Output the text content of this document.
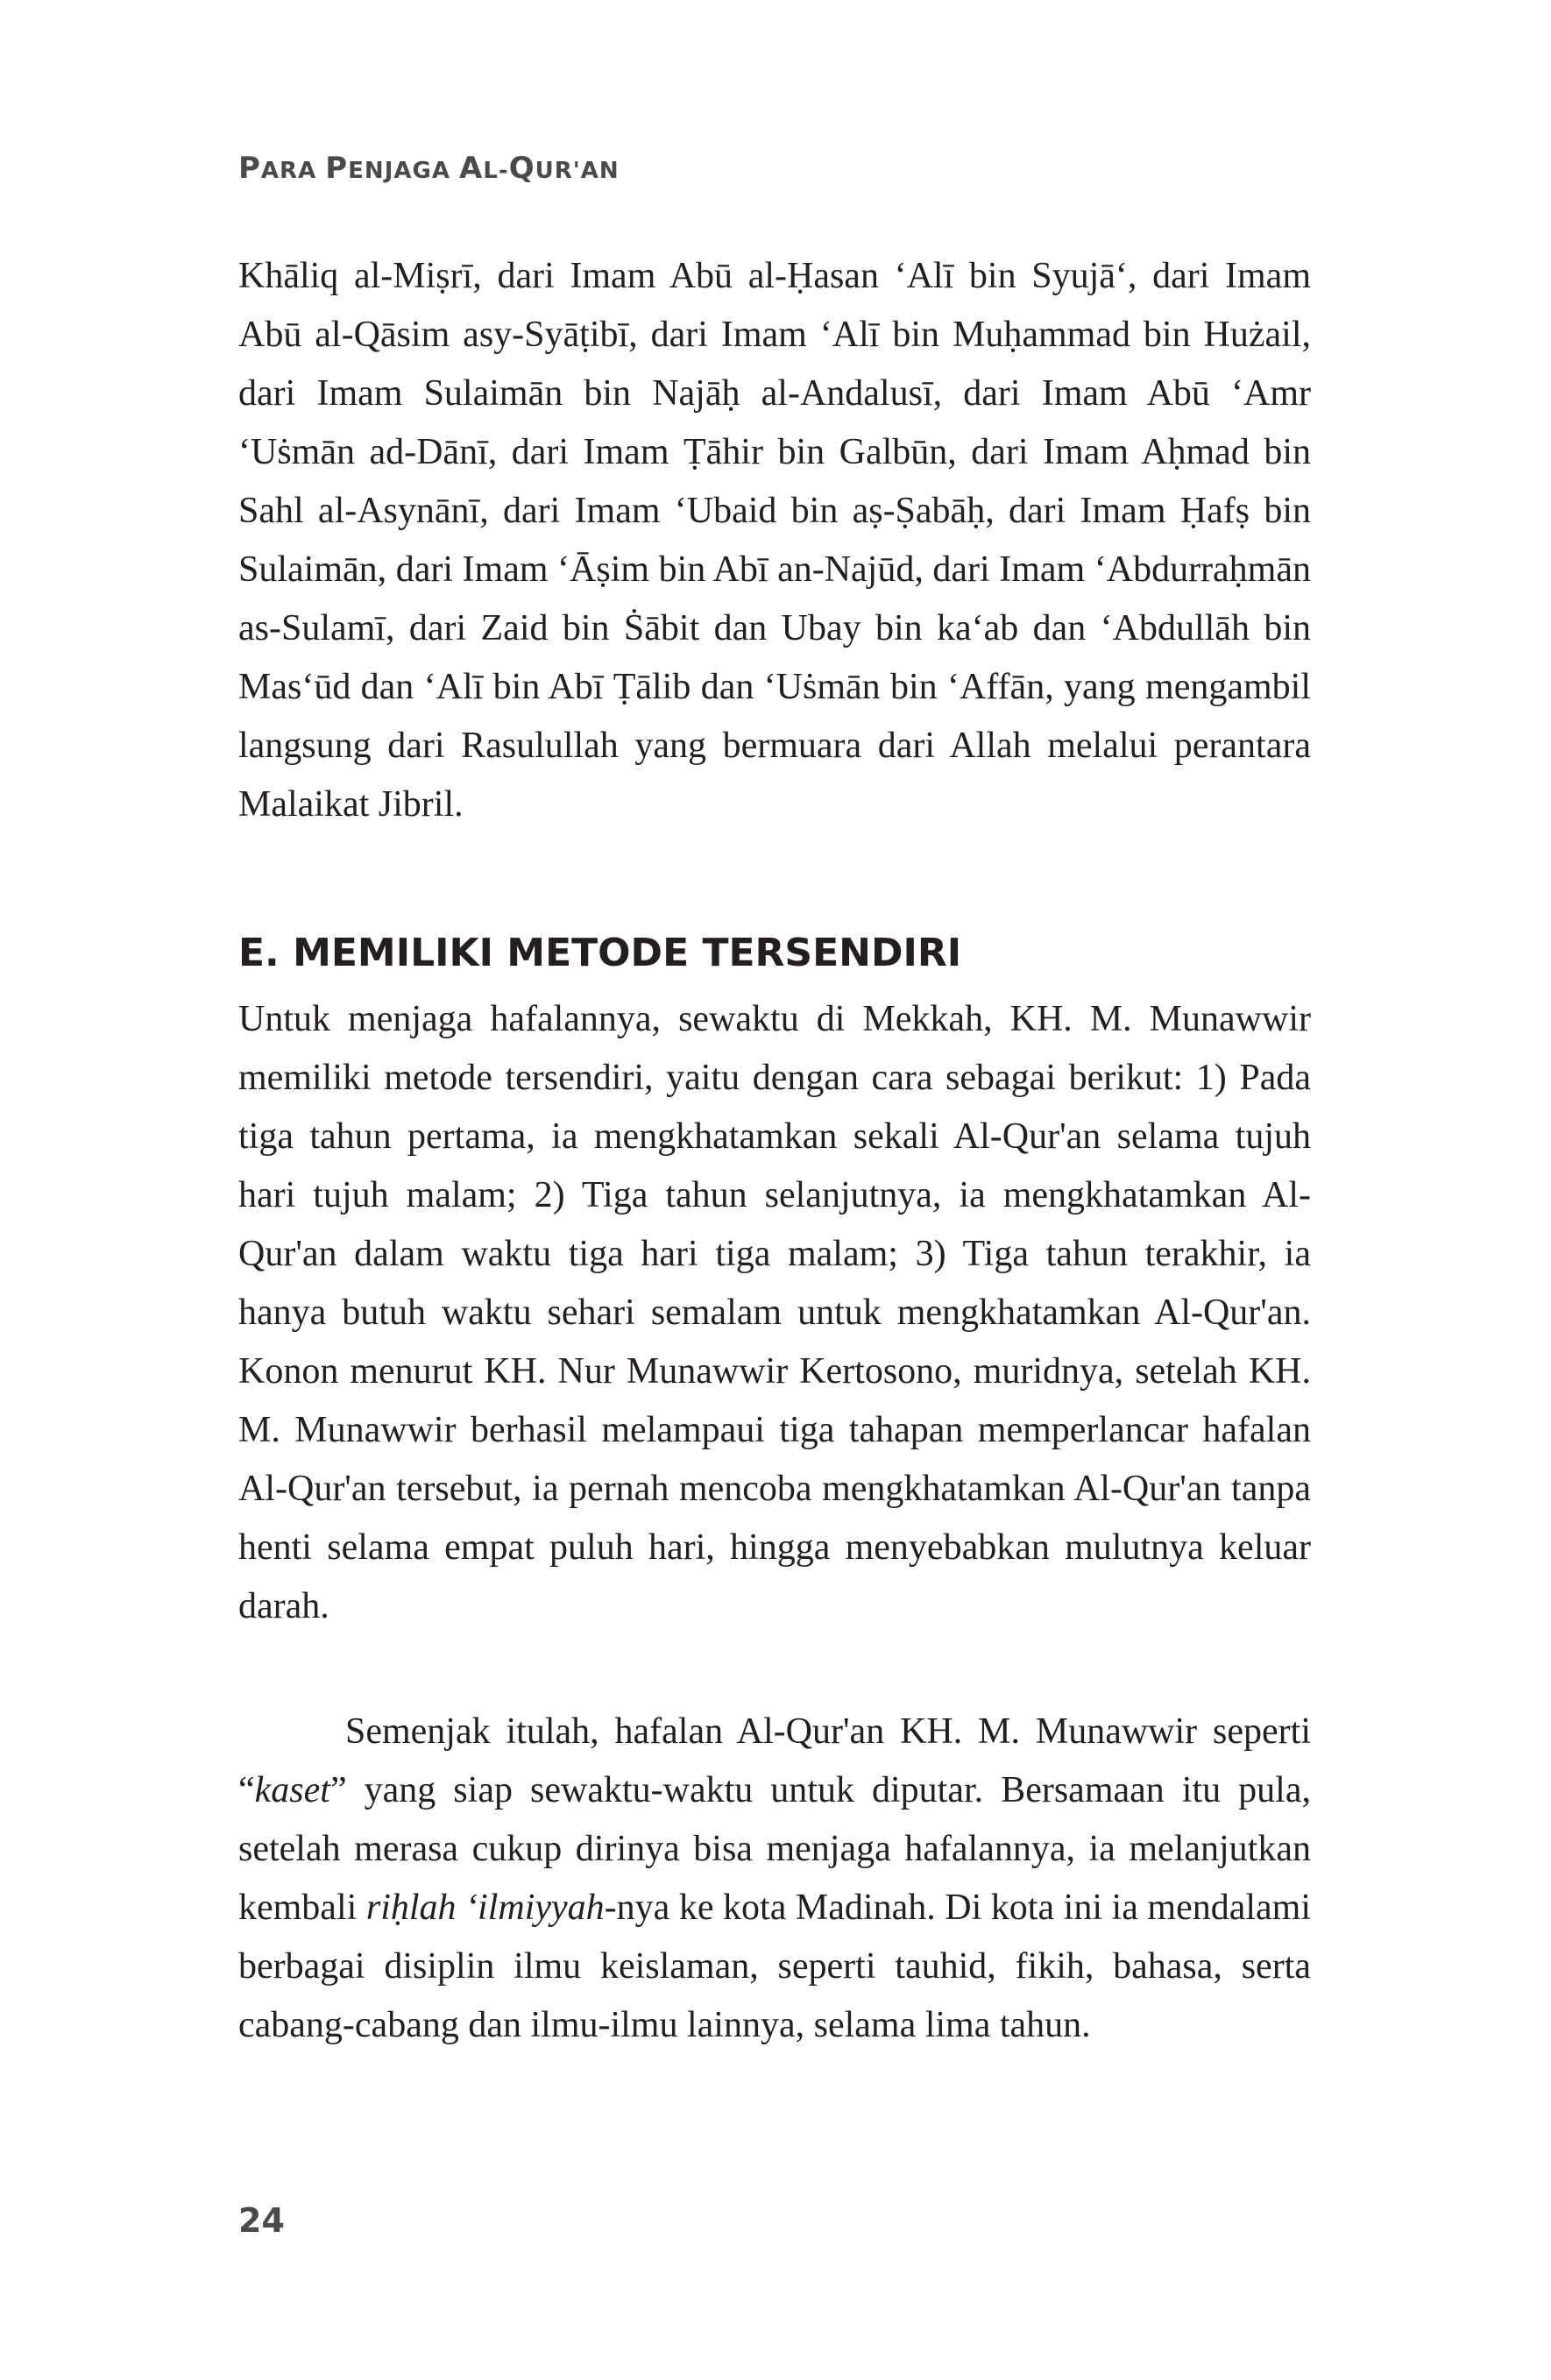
PARA PENJAGA AL-QUR'AN

Khāliq al-Miṣrī, dari Imam Abū al-Ḥasan ‘Alī bin Syujā‘, dari Imam Abū al-Qāsim asy-Syāṭibī, dari Imam ‘Alī bin Muḥammad bin Hużail, dari Imam Sulaimān bin Najāḥ al-Andalusī, dari Imam Abū ‘Amr ‘Uṡmān ad-Dānī, dari Imam Ṭāhir bin Galbūn, dari Imam Aḥmad bin Sahl al-Asynānī, dari Imam ‘Ubaid bin aṣ-Ṣabāḥ, dari Imam Ḥafṣ bin Sulaimān, dari Imam ‘Āṣim bin Abī an-Najūd, dari Imam ‘Abdurraḥmān as-Sulamī, dari Zaid bin Ṡābit dan Ubay bin ka‘ab dan ‘Abdullāh bin Mas‘ūd dan ‘Alī bin Abī Ṭālib dan ‘Uṡmān bin ‘Affān, yang mengambil langsung dari Rasulullah yang bermuara dari Allah melalui perantara Malaikat Jibril.

E. MEMILIKI METODE TERSENDIRI

Untuk menjaga hafalannya, sewaktu di Mekkah, KH. M. Munawwir memiliki metode tersendiri, yaitu dengan cara sebagai berikut: 1) Pada tiga tahun pertama, ia mengkhatamkan sekali Al-Qur'an selama tujuh hari tujuh malam; 2) Tiga tahun selanjutnya, ia mengkhatamkan Al-Qur'an dalam waktu tiga hari tiga malam; 3) Tiga tahun terakhir, ia hanya butuh waktu sehari semalam untuk mengkhatamkan Al-Qur'an. Konon menurut KH. Nur Munawwir Kertosono, muridnya, setelah KH. M. Munawwir berhasil melampaui tiga tahapan memperlancar hafalan Al-Qur'an tersebut, ia pernah mencoba mengkhatamkan Al-Qur'an tanpa henti selama empat puluh hari, hingga menyebabkan mulutnya keluar darah.

Semenjak itulah, hafalan Al-Qur'an KH. M. Munawwir seperti “kaset” yang siap sewaktu-waktu untuk diputar. Bersamaan itu pula, setelah merasa cukup dirinya bisa menjaga hafalannya, ia melanjutkan kembali riḥlah ‘ilmiyyah-nya ke kota Madinah. Di kota ini ia mendalami berbagai disiplin ilmu keislaman, seperti tauhid, fikih, bahasa, serta cabang-cabang dan ilmu-ilmu lainnya, selama lima tahun.

24
